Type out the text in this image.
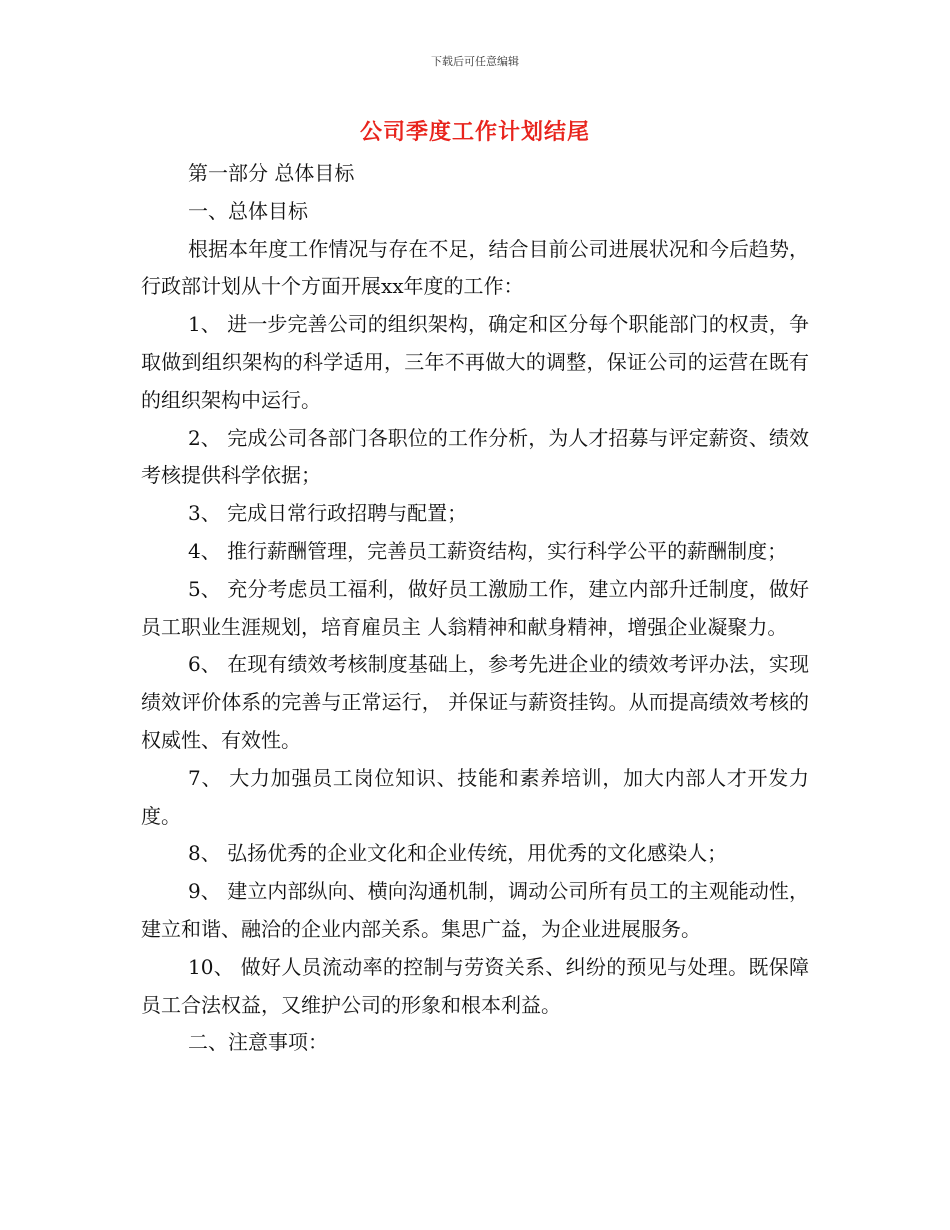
下载后可任意编辑
公司季度工作计划结尾

第一部分 总体目标

一、总体目标

根据本年度工作情况与存在不足，结合目前公司进展状况和今后趋势，行政部计划从十个方面开展xx年度的工作：

1、 进一步完善公司的组织架构，确定和区分每个职能部门的权责，争取做到组织架构的科学适用，三年不再做大的调整，保证公司的运营在既有的组织架构中运行。

2、 完成公司各部门各职位的工作分析，为人才招募与评定薪资、绩效考核提供科学依据；

3、 完成日常行政招聘与配置；

4、 推行薪酬管理，完善员工薪资结构，实行科学公平的薪酬制度；

5、 充分考虑员工福利，做好员工激励工作，建立内部升迁制度，做好员工职业生涯规划，培育雇员主 人翁精神和献身精神，增强企业凝聚力。

6、 在现有绩效考核制度基础上，参考先进企业的绩效考评办法，实现绩效评价体系的完善与正常运行， 并保证与薪资挂钩。从而提高绩效考核的权威性、有效性。

7、 大力加强员工岗位知识、技能和素养培训，加大内部人才开发力度。

8、 弘扬优秀的企业文化和企业传统，用优秀的文化感染人；

9、 建立内部纵向、横向沟通机制，调动公司所有员工的主观能动性，建立和谐、融洽的企业内部关系。集思广益，为企业进展服务。

10、 做好人员流动率的控制与劳资关系、纠纷的预见与处理。既保障员工合法权益，又维护公司的形象和根本利益。

二、注意事项：
